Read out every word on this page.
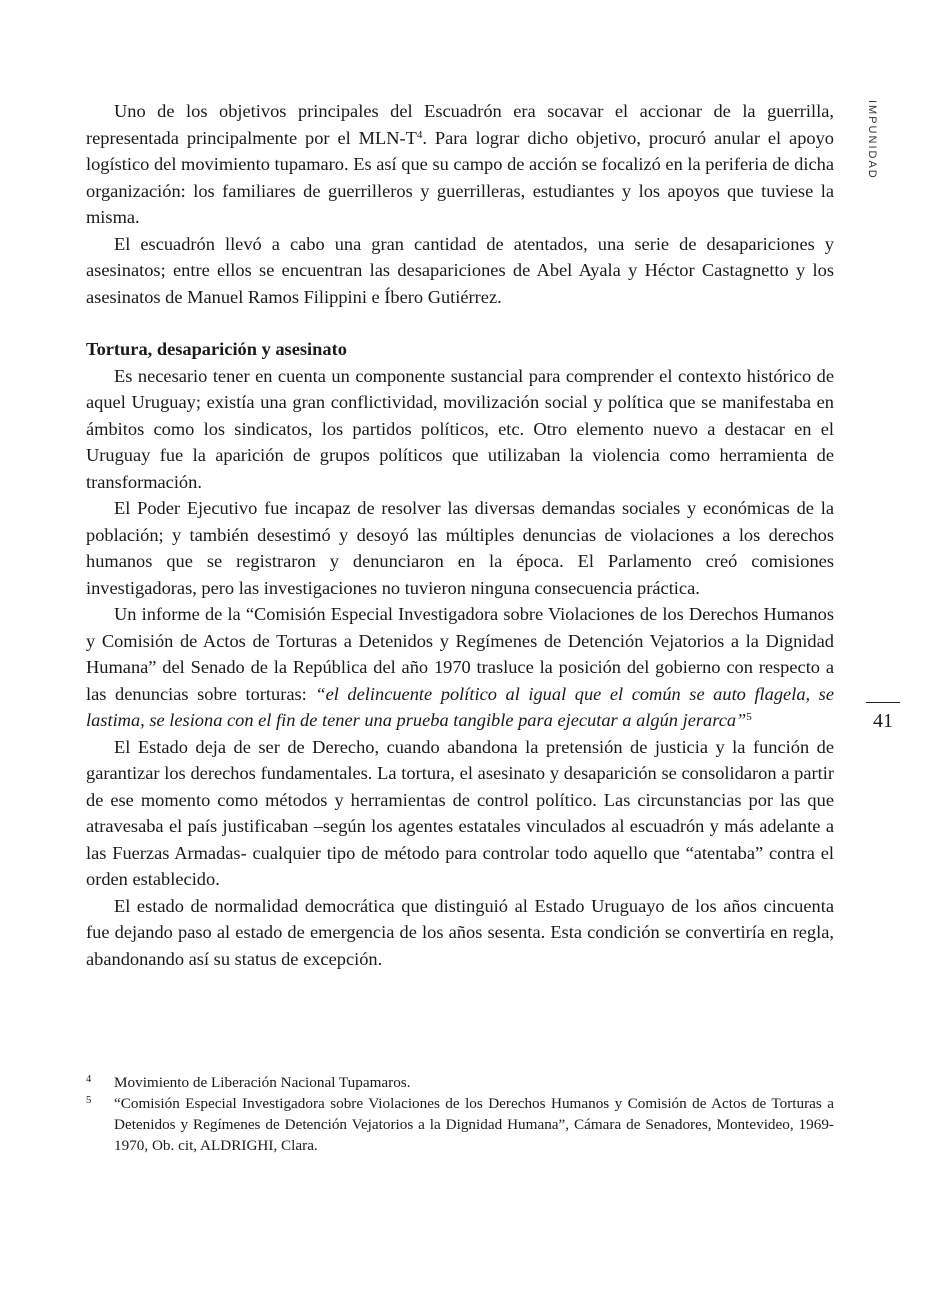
Uno de los objetivos principales del Escuadrón era socavar el accionar de la guerrilla, representada principalmente por el MLN-$T^4$. Para lograr dicho objetivo, procuró anular el apoyo logístico del movimiento tupamaro. Es así que su campo de acción se focalizó en la periferia de dicha organización: los familiares de guerrilleros y guerrilleras, estudiantes y los apoyos que tuviese la misma.

El escuadrón llevó a cabo una gran cantidad de atentados, una serie de desapariciones y asesinatos; entre ellos se encuentran las desapariciones de Abel Ayala y Héctor Castagnetto y los asesinatos de Manuel Ramos Filippini e Íbero Gutiérrez.

Tortura, desaparición y asesinato

Es necesario tener en cuenta un componente sustancial para comprender el contexto histórico de aquel Uruguay; existía una gran conflictividad, movilización social y política que se manifestaba en ámbitos como los sindicatos, los partidos políticos, etc. Otro elemento nuevo a destacar en el Uruguay fue la aparición de grupos políticos que utilizaban la violencia como herramienta de transformación.

El Poder Ejecutivo fue incapaz de resolver las diversas demandas sociales y económicas de la población; y también desestimó y desoyó las múltiples denuncias de violaciones a los derechos humanos que se registraron y denunciaron en la época. El Parlamento creó comisiones investigadoras, pero las investigaciones no tuvieron ninguna consecuencia práctica.

Un informe de la “Comisión Especial Investigadora sobre Violaciones de los Derechos Humanos y Comisión de Actos de Torturas a Detenidos y Regímenes de Detención Vejatorios a la Dignidad Humana” del Senado de la República del año 1970 trasluce la posición del gobierno con respecto a las denuncias sobre torturas: “el delincuente político al igual que el común se auto flagela, se lastima, se lesiona con el fin de tener una prueba tangible para ejecutar a algún jerarca”$^5$

El Estado deja de ser de Derecho, cuando abandona la pretensión de justicia y la función de garantizar los derechos fundamentales. La tortura, el asesinato y desaparición se consolidaron a partir de ese momento como métodos y herramientas de control político. Las circunstancias por las que atravesaba el país justificaban –según los agentes estatales vinculados al escuadrón y más adelante a las Fuerzas Armadas- cualquier tipo de método para controlar todo aquello que “atentaba” contra el orden establecido.

El estado de normalidad democrática que distinguió al Estado Uruguayo de los años cincuenta fue dejando paso al estado de emergencia de los años sesenta. Esta condición se convertiría en regla, abandonando así su status de excepción.

4 Movimiento de Liberación Nacional Tupamaros.
5 “Comisión Especial Investigadora sobre Violaciones de los Derechos Humanos y Comisión de Actos de Torturas a Detenidos y Regímenes de Detención Vejatorios a la Dignidad Humana”, Cámara de Senadores, Montevideo, 1969-1970, Ob. cit, ALDRIGHI, Clara.
IMPUNIDAD
41
